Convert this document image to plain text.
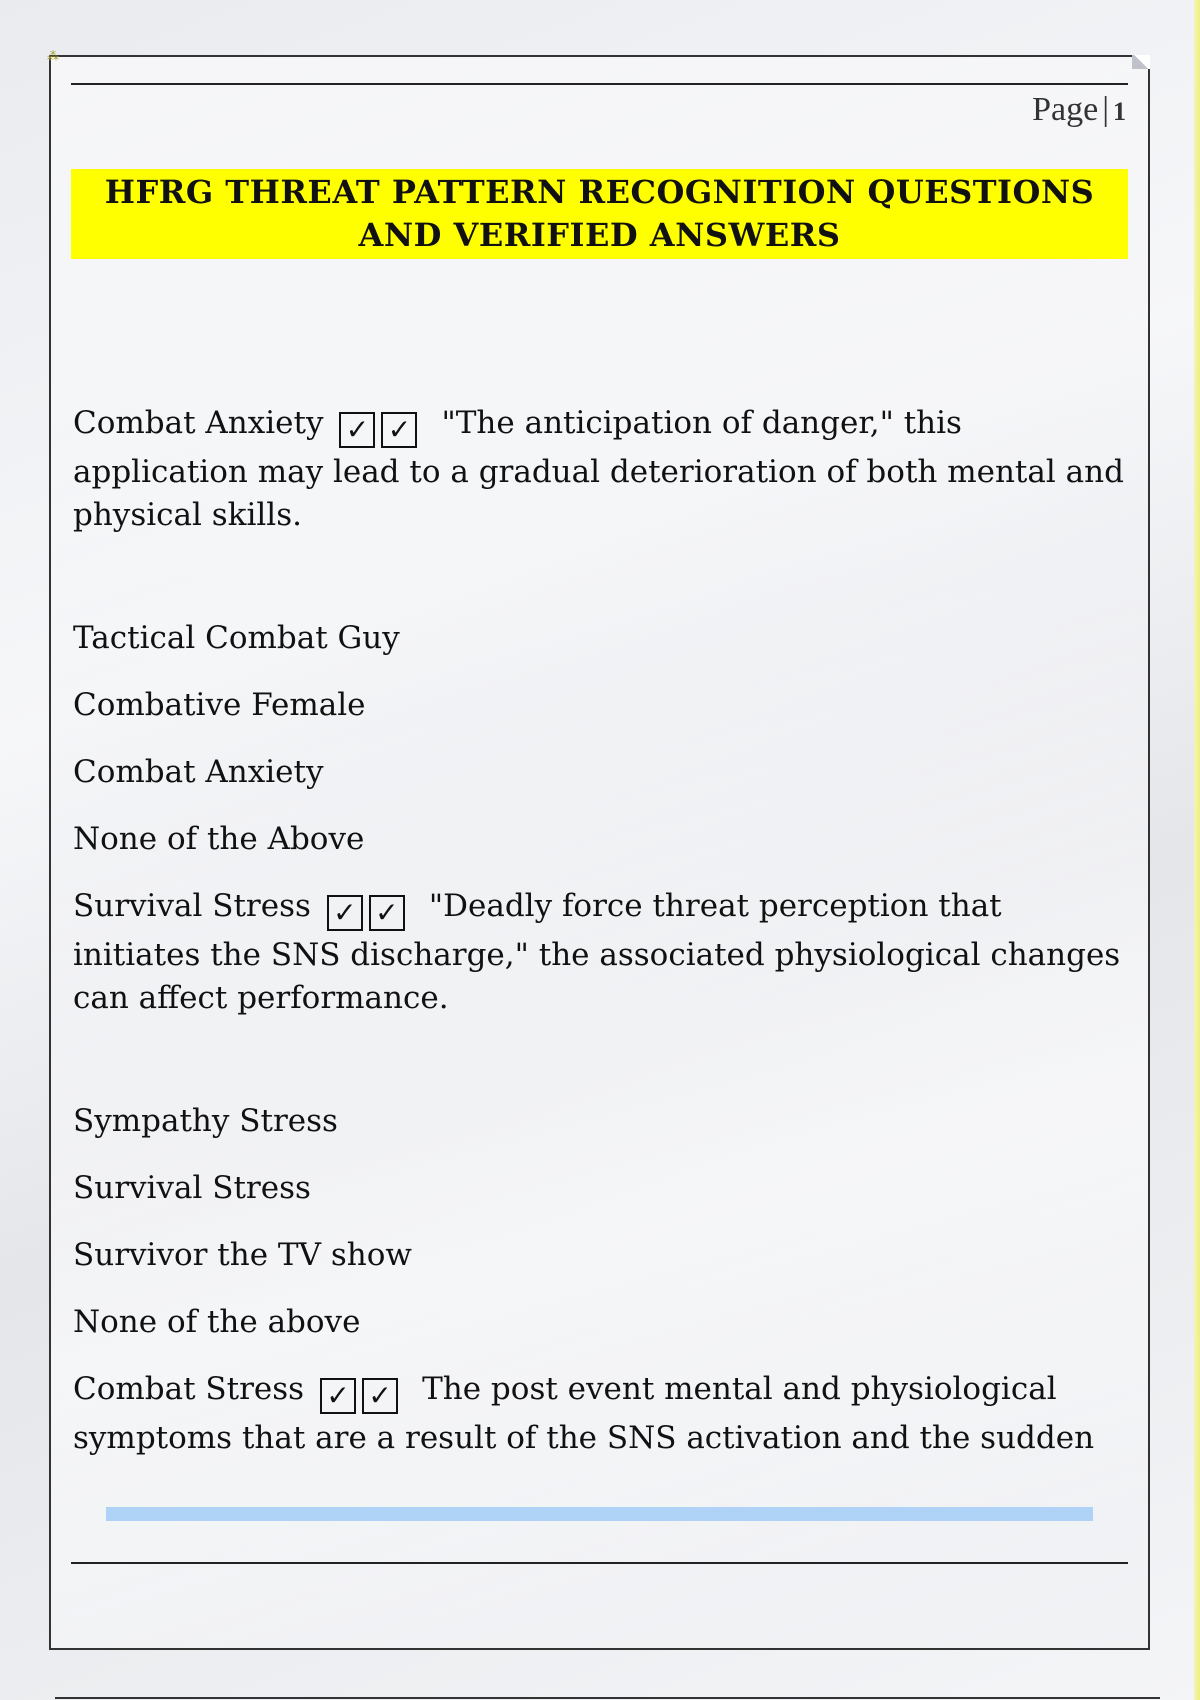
⁂
Page | 1
HFRG THREAT PATTERN RECOGNITION QUESTIONS
AND VERIFIED ANSWERS

Combat Anxiety ✓ ✓ "The anticipation of danger," this application may lead to a gradual deterioration of both mental and physical skills.

Tactical Combat Guy

Combative Female

Combat Anxiety

None of the Above

Survival Stress ✓ ✓ "Deadly force threat perception that initiates the SNS discharge," the associated physiological changes can affect performance.

Sympathy Stress

Survival Stress

Survivor the TV show

None of the above

Combat Stress ✓ ✓ The post event mental and physiological symptoms that are a result of the SNS activation and the sudden
